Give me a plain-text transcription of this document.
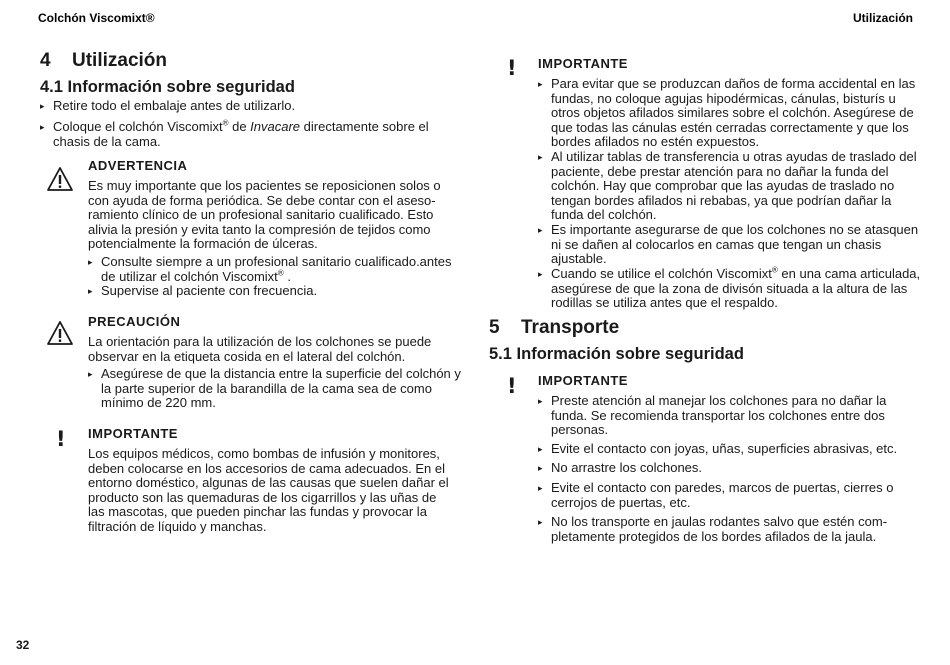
Colchón Viscomixt®	Utilización
4 Utilización
4.1 Información sobre seguridad
▸ Retire todo el embalaje antes de utilizarlo.
▸ Coloque el colchón Viscomixt® de Invacare directamente sobre el chasis de la cama.
ADVERTENCIA
Es muy importante que los pacientes se reposicionen solos o con ayuda de forma periódica. Se debe contar con el asesoramiento clínico de un profesional sanitario cualificado. Esto alivia la presión y evita tanto la compresión de tejidos como potencialmente la formación de úlceras.
▸ Consulte siempre a un profesional sanitario cualificado.antes de utilizar el colchón Viscomixt® .
▸ Supervise al paciente con frecuencia.
PRECAUCIÓN
La orientación para la utilización de los colchones se puede observar en la etiqueta cosida en el lateral del colchón.
▸ Asegúrese de que la distancia entre la superficie del colchón y la parte superior de la barandilla de la cama sea de como mínimo de 220 mm.
! IMPORTANTE
Los equipos médicos, como bombas de infusión y monitores, deben colocarse en los accesorios de cama adecuados. En el entorno doméstico, algunas de las causas que suelen dañar el producto son las quemaduras de los cigarrillos y las uñas de las mascotas, que pueden pinchar las fundas y provocar la filtración de líquido y manchas.
! IMPORTANTE
▸ Para evitar que se produzcan daños de forma accidental en las fundas, no coloque agujas hipodérmicas, cánulas, bisturís u otros objetos afilados similares sobre el colchón. Asegúrese de que todas las cánulas estén cerradas correctamente y que los bordes afilados no estén expuestos.
▸ Al utilizar tablas de transferencia u otras ayudas de traslado del paciente, debe prestar atención para no dañar la funda del colchón. Hay que comprobar que las ayudas de traslado no tengan bordes afilados ni rebabas, ya que podrían dañar la funda del colchón.
▸ Es importante asegurarse de que los colchones no se atasquen ni se dañen al colocarlos en camas que tengan un chasis ajustable.
▸ Cuando se utilice el colchón Viscomixt® en una cama articulada, asegúrese de que la zona de divisón situada a la altura de las rodillas se utiliza antes que el respaldo.
5 Transporte
5.1 Información sobre seguridad
! IMPORTANTE
▸ Preste atención al manejar los colchones para no dañar la funda. Se recomienda transportar los colchones entre dos personas.
▸ Evite el contacto con joyas, uñas, superficies abrasivas, etc.
▸ No arrastre los colchones.
▸ Evite el contacto con paredes, marcos de puertas, cierres o cerrojos de puertas, etc.
▸ No los transporte en jaulas rodantes salvo que estén completamente protegidos de los bordes afilados de la jaula.
32
